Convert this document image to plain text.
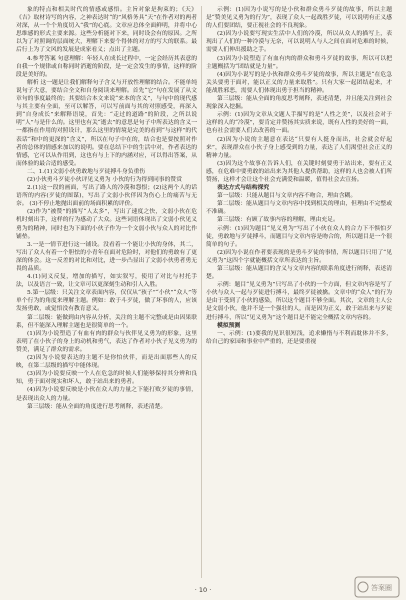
象的特点和相关时代的情感或感悟。主旨对象是拘束的；《天》《吉》取材诗写的内容，之神表达时“的”风格务具“天”在作者对的两者对深，从一个个角度切入“我”的心底。文章应总体全面鲜明，并将中心思维感的形式主要来源。这些分析能对下来，同时设会有的原因。之所以为了对照调的层面统大，理解下来要个得体的对方的写大的联系。最后行上为了文风的发展是成家看义；点出了主题。

4.参考答案 句意理解：年轻人在成长过程中，一定会经历其表意的自我一个规律或自称同时消逝的阶段，是一定会发生的事情，这样的阶段是美好的。

解析 这一题是让我们解释句子含义与开放性理解的结合。不能单纯说句子大意，要结合全文和自身阅读来理解。首先“它”句在发展了从文章句的事度最终的；其要结合本文来说“来本的含义”，与句中的现代感与其主要有全面，至可以解答，可以写前面与其的对照感受，再深入到“自身成长”来解释语境，首先：“走过的道路”的阶段，之所以说明“人”与是什么的。这里也有关“逝去”的意思是句子中所表达的含义一一都指在作用的对照设计，那么这里的情境是完美的看到“与这样”的代表话“和中的更深的“含义”，所以在句子中在的，结合也是要按照对作者的总体的情感来加以的说明。要在总结下中的生活中对，作者表达的情感，它可以从作用到，这也有与上下的内涵对应，可以得出答案，从而体验的最合适的感受。

二、1.(1)文弱小伙勇敢地与歹徒搏斗身负重伤

(2)小伙勇斗歹徒小伙评见义勇为 小伙的行为得到同事的赞赏

2.(1)这一段的画面，写出了路人的冷漠和怨恨；(2)这两个人的话语所的内容(歹徒的图谋)，写出了文弱小伙伴因为伤心上的痛苦与无奈。 (3)不停止地抛出面前的场面积累的评价。

(2)作为“被赞”的描写“人太多”，写出了速度之快，文弱小伙在危机时刻出手，这样的行为感动了大众。这些词语体现出了文弱小伙见义勇为的精神，同时也为下面的小伙子作为一个文弱小伙与众人的对比作铺垫。

3.一是一情节进行这一铺设。没看着一个能让小伙的身体，其二，写出了众人有着一个胆怯的小青年在面对危险时，对他们的勇敢有了更深的体会。这一反差的对比和对比，进一步凸显出了文弱小伙勇者勇无畏的品质。

4.(1)同义反复，增加的描写，如实叙写，使用了对比与衬托手法，以及语言一致，让文章可以更深刻生动和引人入胜。

5.第一层级：只关注文章表面内容，仅仅从“孩子”“小伙”“众人”等单个行为的角度来理解主题。例如：敢于斗歹徒，做了坏事的人，应该发扬勇敢，或觉悟没有教育意义。

第二层级：能做到由内容从分析，关注的主题不完整或是由因果联系，但不能深入理解主题也是很简单的一个。

(1)因为小说塑造了有血有肉的群众与伙伴见义勇为的形象，这里表明了在小伙子的身上的动机和勇气，表达了作者对小伙子见义勇为的赞美，满足了群众的需求。

(2)因为小说要表达的主题不是你怕伙伴，而是出面那些人的反映，在第二层级的描写中能体现。

(3)因为小说要反映一个人在危急的时候人们能够保持其分辨和良知，勇于面对现实和坏人，敢于站出来的勇者。

(4)因为小说要反映是小伙在众人的力量之下能打败歹徒的事情，是表现出众人的力量。

第三层级：能从全面的角度进行思考阐释，表述清楚。

示例：(1)因为小说写的是小伙和群众勇斗歹徒的故事，所以主题是“赞美见义勇为的行为”，表现了众人一起战胜歹徒，可以说明有正义感的人们要团结，要正视社会的不良现象。

(2)因为小说要写现实生活中人们的冷漠，所以从众人的描写上，表现出了人们的一种冷漠与无奈，可以说明人与人之间在面对危难的时候，需要人们伸出援助之手。

(3)因为小说塑造了有血有肉的群众和勇斗歹徒的故事，所以可以把主题概括为“团结就是力量”。

(4)因为小说写的是小伙和群众勇斗歹徒的故事，所以主题是“在危急关头要勇于面对，能以正义的力量来取胜”。只有大家一起团结起来，才能战胜邪恶，需要人们体现出勇于担当的精神。

第三层级：能从全面的角度思考阐释，表述清楚，并且能关注到社会现象深入挖掘。

示例：(1)因为文章从文题人手描写的是“人性之美”，以及社会对于这样的人的“冷漠”，要肯定并赞扬其实质来说，既有人性的美好的一面，也有社会需要人们去改善的一面。

(2)因为小说的主题意在表达“只要有人挺身而出，社会就会好起来”，表现群众在小伙子身上感受到的力量，表达了人们渴望社会正义的精神力量。

(3)因为这个故事在告诉人们，在关键时刻要勇于站出来，要有正义感，在危难中要勇敢的站出来为其他人提供帮助，这样的人也会被人们所赞扬，这样才会让这个社会充满爱和温暖，值得社会去宣扬。

表达方式与结构探究

第一层级：只能从题目与文章内容不吻合，理由含糊。

第二层级：能从题目与文章内容中找到相关的理由，但理由不完整或不准确。

第三层级：有顾了故事内容的理解，理由充足。

示例：(1)因为题目“见义勇为”写出了小伙在众人的合力下不惧怕歹徒，勇敢地与歹徒搏斗，而题目与文章内容是吻合的，所以题目是一个很简单的句子。

(2)因为小说在作者要表现的是勇斗歹徒的事情，所以题目只用了“见义勇为”这四个字就能概括文章所表达的主旨。

第三层级：能从题目的含义与文章内容的联系角度进行阐释，表述清楚。

示例：题目“见义勇为”只写出了小伙的一个方面，但文章内容是写了小伙与众人一起与歹徒进行搏斗，最终歹徒被擒。文章中的“众人”的行为是由于受到了小伙的感染，所以这个题目不够全面。其次，文章的主人公是文弱小伙，他并不是一个强壮的人，而是因为正义，敢于站出来与歹徒进行搏斗，所以“见义勇为”这个题目是不能完全概括文章内容的。

模拟预测

一、示例：(1)要我的见识很短浅，追求懒惰与不利而耽体并不多，给自己的家园和事业中严重的，还是要重视

· 10 ·	答案圈
